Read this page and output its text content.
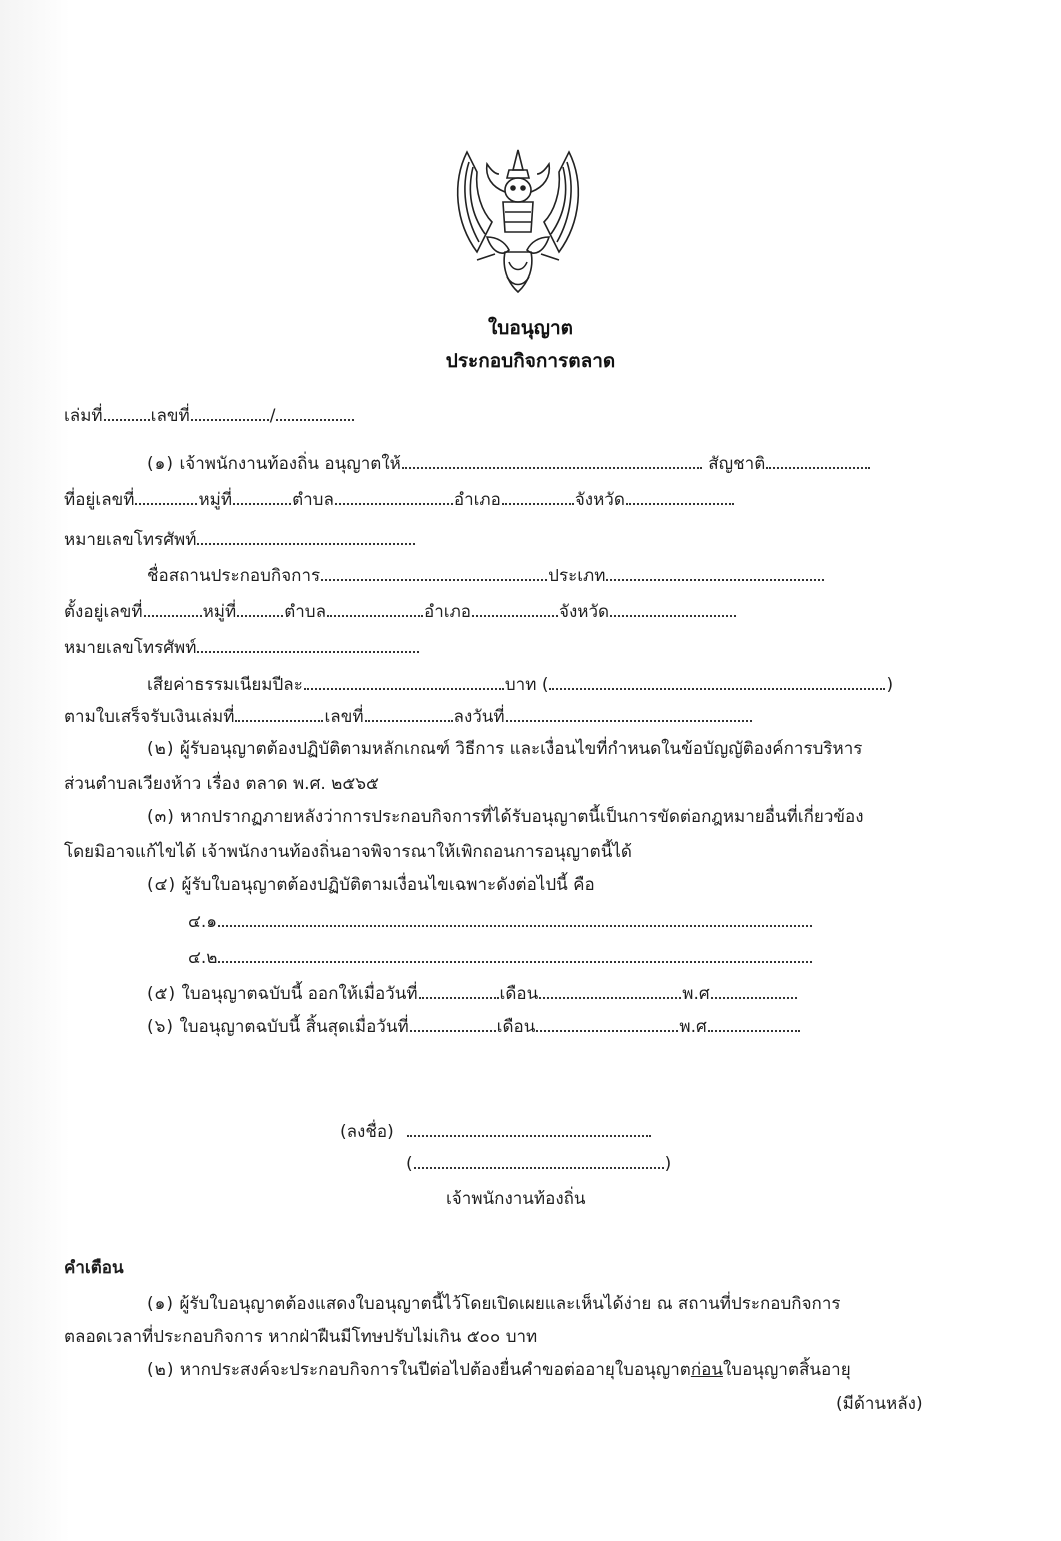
ใบอนุญาต
ประกอบกิจการตลาด
เล่มที่	เลขที่	/
(๑) เจ้าพนักงานท้องถิ่น อนุญาตให้	สัญชาติ
ที่อยู่เลขที่	หมู่ที่	ตำบล	อำเภอ	จังหวัด
หมายเลขโทรศัพท์
ชื่อสถานประกอบกิจการ	ประเภท
ตั้งอยู่เลขที่	หมู่ที่	ตำบล	อำเภอ	จังหวัด
หมายเลขโทรศัพท์
เสียค่าธรรมเนียมปีละ	บาท (	)
ตามใบเสร็จรับเงินเล่มที่	เลขที่	ลงวันที่
(๒) ผู้รับอนุญาตต้องปฏิบัติตามหลักเกณฑ์ วิธีการ และเงื่อนไขที่กำหนดในข้อบัญญัติองค์การบริหาร
ส่วนตำบลเวียงห้าว เรื่อง ตลาด พ.ศ. ๒๕๖๕
(๓) หากปรากฏภายหลังว่าการประกอบกิจการที่ได้รับอนุญาตนี้เป็นการขัดต่อกฎหมายอื่นที่เกี่ยวข้อง
โดยมิอาจแก้ไขได้ เจ้าพนักงานท้องถิ่นอาจพิจารณาให้เพิกถอนการอนุญาตนี้ได้
(๔) ผู้รับใบอนุญาตต้องปฏิบัติตามเงื่อนไขเฉพาะดังต่อไปนี้ คือ
๔.๑
๔.๒
(๕) ใบอนุญาตฉบับนี้ ออกให้เมื่อวันที่	เดือน	พ.ศ
(๖) ใบอนุญาตฉบับนี้ สิ้นสุดเมื่อวันที่	เดือน	พ.ศ
(ลงชื่อ)
(	)
เจ้าพนักงานท้องถิ่น
คำเตือน
(๑) ผู้รับใบอนุญาตต้องแสดงใบอนุญาตนี้ไว้โดยเปิดเผยและเห็นได้ง่าย ณ สถานที่ประกอบกิจการ
ตลอดเวลาที่ประกอบกิจการ หากฝ่าฝืนมีโทษปรับไม่เกิน ๕๐๐ บาท
(๒) หากประสงค์จะประกอบกิจการในปีต่อไปต้องยื่นคำขอต่ออายุใบอนุญาตก่อนใบอนุญาตสิ้นอายุ
(มีด้านหลัง)
